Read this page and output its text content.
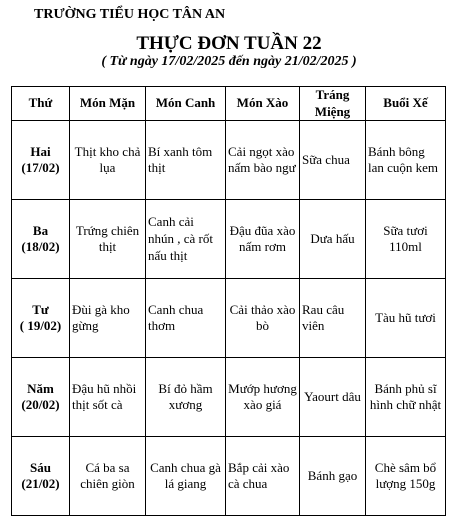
TRƯỜNG TIỂU HỌC TÂN AN
THỰC ĐƠN TUẦN 22
( Từ ngày 17/02/2025 đến ngày 21/02/2025 )
Thứ	Món Mặn	Món Canh	Món Xào	Tráng Miệng	Buổi Xế

Hai
(17/02)	Thịt kho chả lụa	Bí xanh tôm thịt	Cải ngọt xào nấm bào ngư	Sữa chua	Bánh bông lan cuộn kem

Ba
(18/02)	Trứng chiên thịt	Canh cải nhún , cà rốt nấu thịt	Đậu đũa xào nấm rơm	Dưa hấu	Sữa tươi 110ml

Tư
( 19/02)	Đùi gà kho gừng	Canh chua thơm	Cải thảo xào bò	Rau câu viên	Tàu hũ tươi

Năm
(20/02)	Đậu hũ nhồi thịt sốt cà	Bí đỏ hầm xương	Mướp hương xào giá	Yaourt dâu	Bánh phủ sĩ hình chữ nhật

Sáu
(21/02)	Cá ba sa chiên giòn	Canh chua gà lá giang	Bắp cải xào cà chua	Bánh gạo	Chè sâm bổ lượng 150g
